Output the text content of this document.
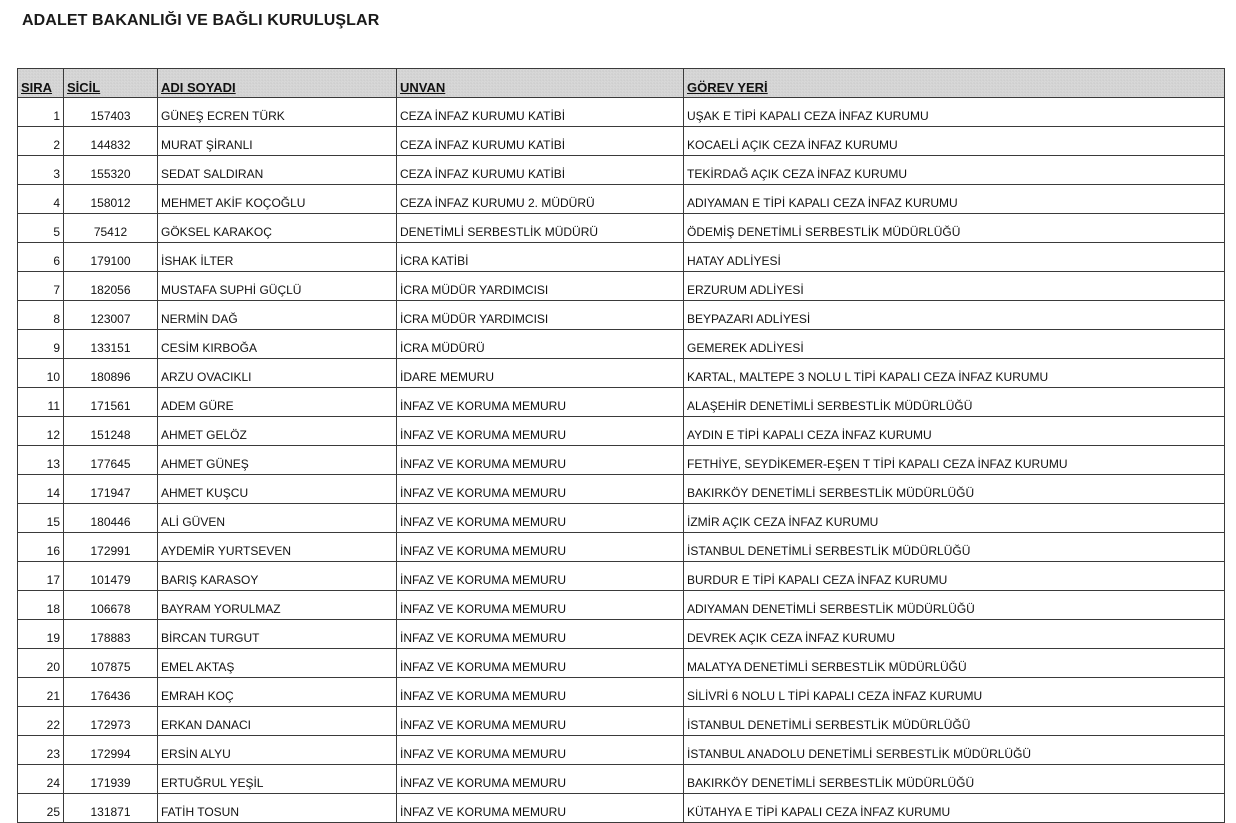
ADALET BAKANLIĞI VE BAĞLI KURULUŞLAR
SIRA	SİCİL	ADI SOYADI	UNVAN	GÖREV YERİ
1	157403	GÜNEŞ ECREN TÜRK	CEZA İNFAZ KURUMU KATİBİ	UŞAK E TİPİ KAPALI CEZA İNFAZ KURUMU
2	144832	MURAT ŞİRANLI	CEZA İNFAZ KURUMU KATİBİ	KOCAELİ AÇIK CEZA İNFAZ KURUMU
3	155320	SEDAT SALDIRAN	CEZA İNFAZ KURUMU KATİBİ	TEKİRDAĞ AÇIK CEZA İNFAZ KURUMU
4	158012	MEHMET AKİF KOÇOĞLU	CEZA İNFAZ KURUMU 2. MÜDÜRÜ	ADIYAMAN E TİPİ KAPALI CEZA İNFAZ KURUMU
5	75412	GÖKSEL KARAKOÇ	DENETİMLİ SERBESTLİK MÜDÜRÜ	ÖDEMİŞ DENETİMLİ SERBESTLİK MÜDÜRLÜĞÜ
6	179100	İSHAK İLTER	İCRA KATİBİ	HATAY ADLİYESİ
7	182056	MUSTAFA SUPHİ GÜÇLÜ	İCRA MÜDÜR YARDIMCISI	ERZURUM ADLİYESİ
8	123007	NERMİN DAĞ	İCRA MÜDÜR YARDIMCISI	BEYPAZARI ADLİYESİ
9	133151	CESİM KIRBOĞA	İCRA MÜDÜRÜ	GEMEREK ADLİYESİ
10	180896	ARZU OVACIKLI	İDARE MEMURU	KARTAL, MALTEPE 3 NOLU L TİPİ KAPALI CEZA İNFAZ KURUMU
11	171561	ADEM GÜRE	İNFAZ VE KORUMA MEMURU	ALAŞEHİR DENETİMLİ SERBESTLİK MÜDÜRLÜĞÜ
12	151248	AHMET GELÖZ	İNFAZ VE KORUMA MEMURU	AYDIN E TİPİ KAPALI CEZA İNFAZ KURUMU
13	177645	AHMET GÜNEŞ	İNFAZ VE KORUMA MEMURU	FETHİYE, SEYDİKEMER-EŞEN T TİPİ KAPALI CEZA İNFAZ KURUMU
14	171947	AHMET KUŞCU	İNFAZ VE KORUMA MEMURU	BAKIRKÖY DENETİMLİ SERBESTLİK MÜDÜRLÜĞÜ
15	180446	ALİ GÜVEN	İNFAZ VE KORUMA MEMURU	İZMİR AÇIK CEZA İNFAZ KURUMU
16	172991	AYDEMİR YURTSEVEN	İNFAZ VE KORUMA MEMURU	İSTANBUL DENETİMLİ SERBESTLİK MÜDÜRLÜĞÜ
17	101479	BARIŞ KARASOY	İNFAZ VE KORUMA MEMURU	BURDUR E TİPİ KAPALI CEZA İNFAZ KURUMU
18	106678	BAYRAM YORULMAZ	İNFAZ VE KORUMA MEMURU	ADIYAMAN DENETİMLİ SERBESTLİK MÜDÜRLÜĞÜ
19	178883	BİRCAN TURGUT	İNFAZ VE KORUMA MEMURU	DEVREK AÇIK CEZA İNFAZ KURUMU
20	107875	EMEL AKTAŞ	İNFAZ VE KORUMA MEMURU	MALATYA DENETİMLİ SERBESTLİK MÜDÜRLÜĞÜ
21	176436	EMRAH KOÇ	İNFAZ VE KORUMA MEMURU	SİLİVRİ 6 NOLU L TİPİ KAPALI CEZA İNFAZ KURUMU
22	172973	ERKAN DANACI	İNFAZ VE KORUMA MEMURU	İSTANBUL DENETİMLİ SERBESTLİK MÜDÜRLÜĞÜ
23	172994	ERSİN ALYU	İNFAZ VE KORUMA MEMURU	İSTANBUL ANADOLU DENETİMLİ SERBESTLİK MÜDÜRLÜĞÜ
24	171939	ERTUĞRUL YEŞİL	İNFAZ VE KORUMA MEMURU	BAKIRKÖY DENETİMLİ SERBESTLİK MÜDÜRLÜĞÜ
25	131871	FATİH TOSUN	İNFAZ VE KORUMA MEMURU	KÜTAHYA E TİPİ KAPALI CEZA İNFAZ KURUMU
